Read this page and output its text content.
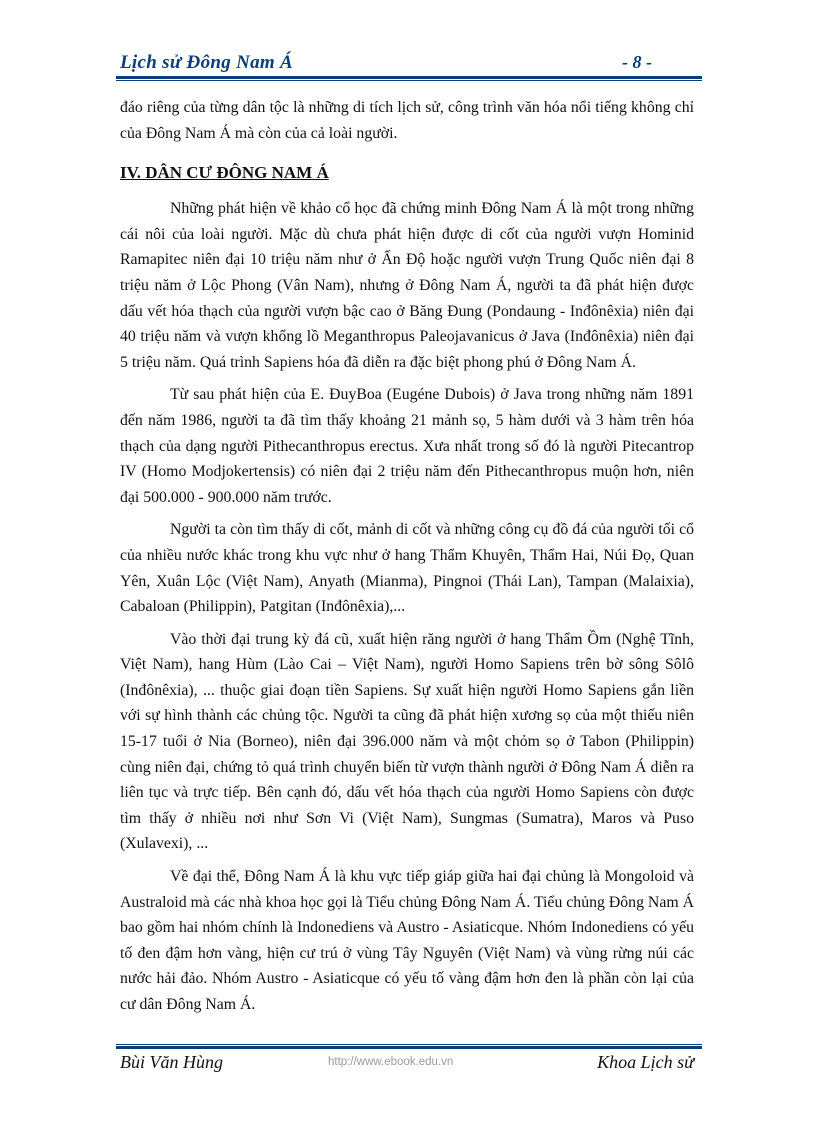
Lịch sử Đông Nam Á	- 8 -

đáo riêng của từng dân tộc là những di tích lịch sử, công trình văn hóa nổi tiếng không chỉ của Đông Nam Á mà còn của cả loài người.

IV. DÂN CƯ ĐÔNG NAM Á

Những phát hiện về khảo cổ học đã chứng minh Đông Nam Á là một trong những cái nôi của loài người. Mặc dù chưa phát hiện được di cốt của người vượn Hominid Ramapitec niên đại 10 triệu năm như ở Ấn Độ hoặc người vượn Trung Quốc niên đại 8 triệu năm ở Lộc Phong (Vân Nam), nhưng ở Đông Nam Á, người ta đã phát hiện được dấu vết hóa thạch của người vượn bậc cao ở Băng Đung (Pondaung - Inđônêxia) niên đại 40 triệu năm và vượn khổng lồ Meganthropus Paleojavanicus ở Java (Inđônêxia) niên đại 5 triệu năm. Quá trình Sapiens hóa đã diễn ra đặc biệt phong phú ở Đông Nam Á.

Từ sau phát hiện của E. ĐuyBoa (Eugéne Dubois) ở Java trong những năm 1891 đến năm 1986, người ta đã tìm thấy khoảng 21 mảnh sọ, 5 hàm dưới và 3 hàm trên hóa thạch của dạng người Pithecanthropus erectus. Xưa nhất trong số đó là người Pitecantrop IV (Homo Modjokertensis) có niên đại 2 triệu năm đến Pithecanthropus muộn hơn, niên đại 500.000 - 900.000 năm trước.

Người ta còn tìm thấy di cốt, mảnh di cốt và những công cụ đồ đá của người tối cổ của nhiều nước khác trong khu vực như ở hang Thẩm Khuyên, Thẩm Hai, Núi Đọ, Quan Yên, Xuân Lộc (Việt Nam), Anyath (Mianma), Pingnoi (Thái Lan), Tampan (Malaixia), Cabaloan (Philippin), Patgitan (Inđônêxia),...

Vào thời đại trung kỳ đá cũ, xuất hiện răng người ở hang Thẩm Ồm (Nghệ Tĩnh, Việt Nam), hang Hùm (Lào Cai – Việt Nam), người Homo Sapiens trên bờ sông Sôlô (Inđônêxia), ... thuộc giai đoạn tiền Sapiens. Sự xuất hiện người Homo Sapiens gắn liền với sự hình thành các chủng tộc. Người ta cũng đã phát hiện xương sọ của một thiếu niên 15-17 tuổi ở Nia (Borneo), niên đại 396.000 năm và một chỏm sọ ở Tabon (Philippin) cùng niên đại, chứng tỏ quá trình chuyển biến từ vượn thành người ở Đông Nam Á diễn ra liên tục và trực tiếp. Bên cạnh đó, dấu vết hóa thạch của người Homo Sapiens còn được tìm thấy ở nhiều nơi như Sơn Vi (Việt Nam), Sungmas (Sumatra), Maros và Puso (Xulavexi), ...

Về đại thể, Đông Nam Á là khu vực tiếp giáp giữa hai đại chủng là Mongoloid và Australoid mà các nhà khoa học gọi là Tiểu chủng Đông Nam Á. Tiểu chủng Đông Nam Á bao gồm hai nhóm chính là Indonediens và Austro - Asiaticque. Nhóm Indonediens có yếu tố đen đậm hơn vàng, hiện cư trú ở vùng Tây Nguyên (Việt Nam) và vùng rừng núi các nước hải đảo. Nhóm Austro - Asiaticque có yếu tố vàng đậm hơn đen là phần còn lại của cư dân Đông Nam Á.

Bùi Văn Hùng	http://www.ebook.edu.vn	Khoa Lịch sử
